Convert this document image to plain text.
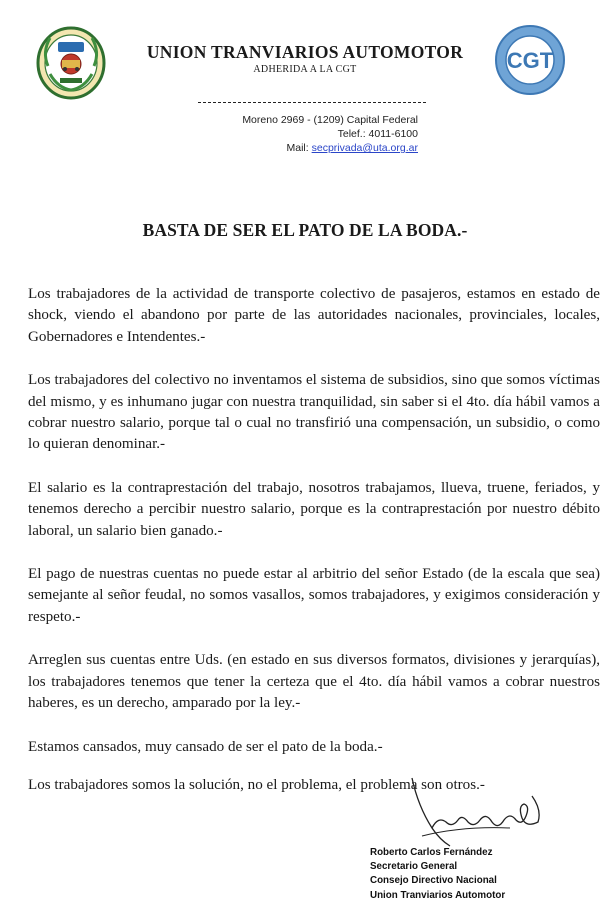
UNION TRANVIARIOS AUTOMOTOR
ADHERIDA A LA CGT	CGT
Moreno 2969 - (1209) Capital Federal
Telef.: 4011-6100
Mail: secprivada@uta.org.ar
BASTA DE SER EL PATO DE LA BODA.-

Los trabajadores de la actividad de transporte colectivo de pasajeros, estamos en estado de shock, viendo el abandono por parte de las autoridades nacionales, provinciales, locales, Gobernadores e Intendentes.-

Los trabajadores del colectivo no inventamos el sistema de subsidios, sino que somos víctimas del mismo, y es inhumano jugar con nuestra tranquilidad, sin saber si el 4to. día hábil vamos a cobrar nuestro salario, porque tal o cual no transfirió una compensación, un subsidio, o como lo quieran denominar.-

El salario es la contraprestación del trabajo, nosotros trabajamos, llueva, truene, feriados, y tenemos derecho a percibir nuestro salario, porque es la contraprestación por nuestro débito laboral, un salario bien ganado.-

El pago de nuestras cuentas no puede estar al arbitrio del señor Estado (de la escala que sea) semejante al señor feudal, no somos vasallos, somos trabajadores, y exigimos consideración y respeto.-

Arreglen sus cuentas entre Uds. (en estado en sus diversos formatos, divisiones y jerarquías), los trabajadores tenemos que tener la certeza que el 4to. día hábil vamos a cobrar nuestros haberes, es un derecho, amparado por la ley.-

Estamos cansados, muy cansado de ser el pato de la boda.-

Los trabajadores somos la solución, no el problema, el problema son otros.-

Roberto Carlos Fernández
Secretario General
Consejo Directivo Nacional
Union Tranviarios Automotor
